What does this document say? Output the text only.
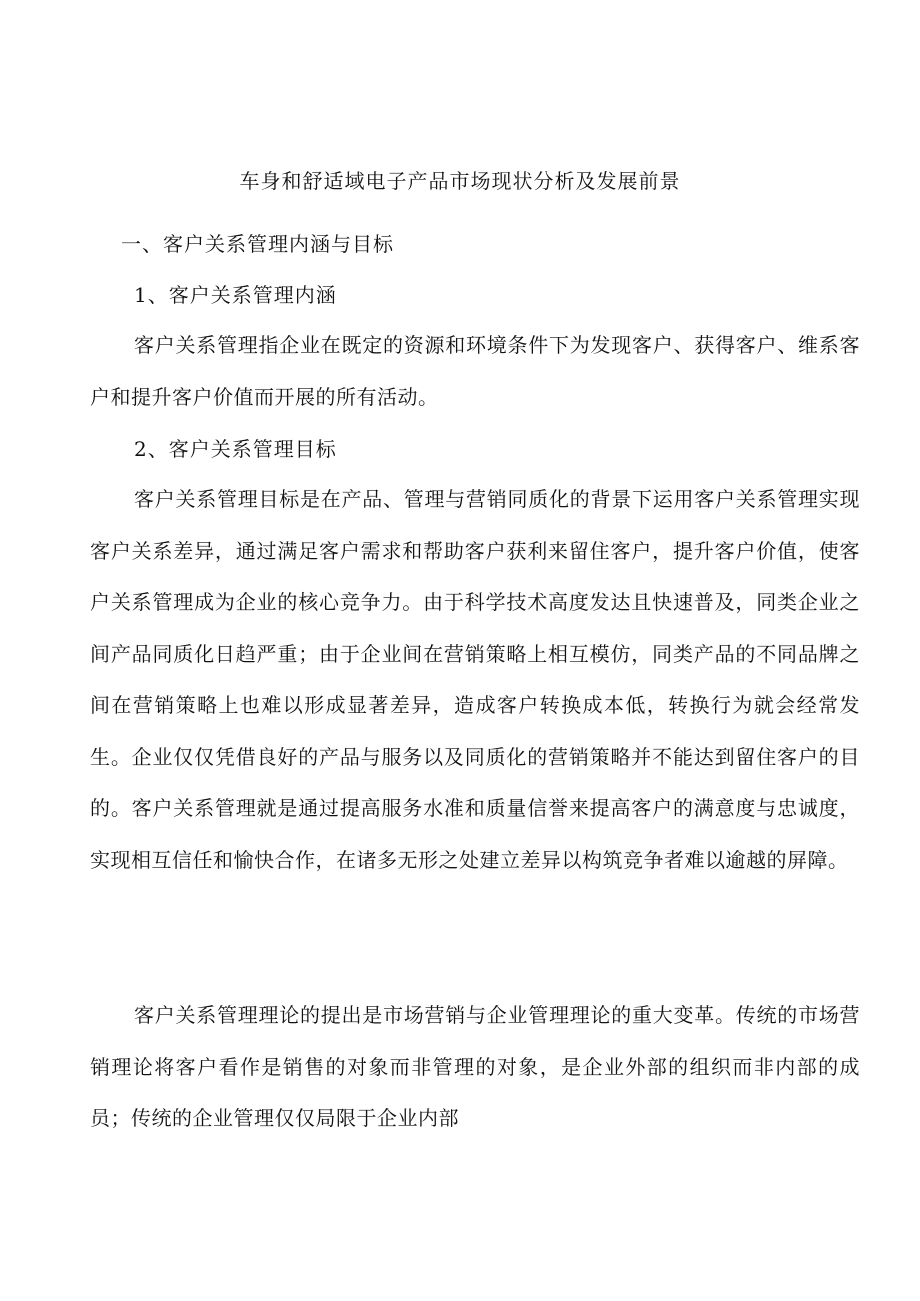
车身和舒适域电子产品市场现状分析及发展前景
一、客户关系管理内涵与目标
1、客户关系管理内涵

客户关系管理指企业在既定的资源和环境条件下为发现客户、获得客户、维系客户和提升客户价值而开展的所有活动。

2、客户关系管理目标

客户关系管理目标是在产品、管理与营销同质化的背景下运用客户关系管理实现客户关系差异，通过满足客户需求和帮助客户获利来留住客户，提升客户价值，使客户关系管理成为企业的核心竞争力。由于科学技术高度发达且快速普及，同类企业之间产品同质化日趋严重；由于企业间在营销策略上相互模仿，同类产品的不同品牌之间在营销策略上也难以形成显著差异，造成客户转换成本低，转换行为就会经常发生。企业仅仅凭借良好的产品与服务以及同质化的营销策略并不能达到留住客户的目的。客户关系管理就是通过提高服务水准和质量信誉来提高客户的满意度与忠诚度，实现相互信任和愉快合作，在诸多无形之处建立差异以构筑竞争者难以逾越的屏障。

客户关系管理理论的提出是市场营销与企业管理理论的重大变革。传统的市场营销理论将客户看作是销售的对象而非管理的对象，是企业外部的组织而非内部的成员；传统的企业管理仅仅局限于企业内部
